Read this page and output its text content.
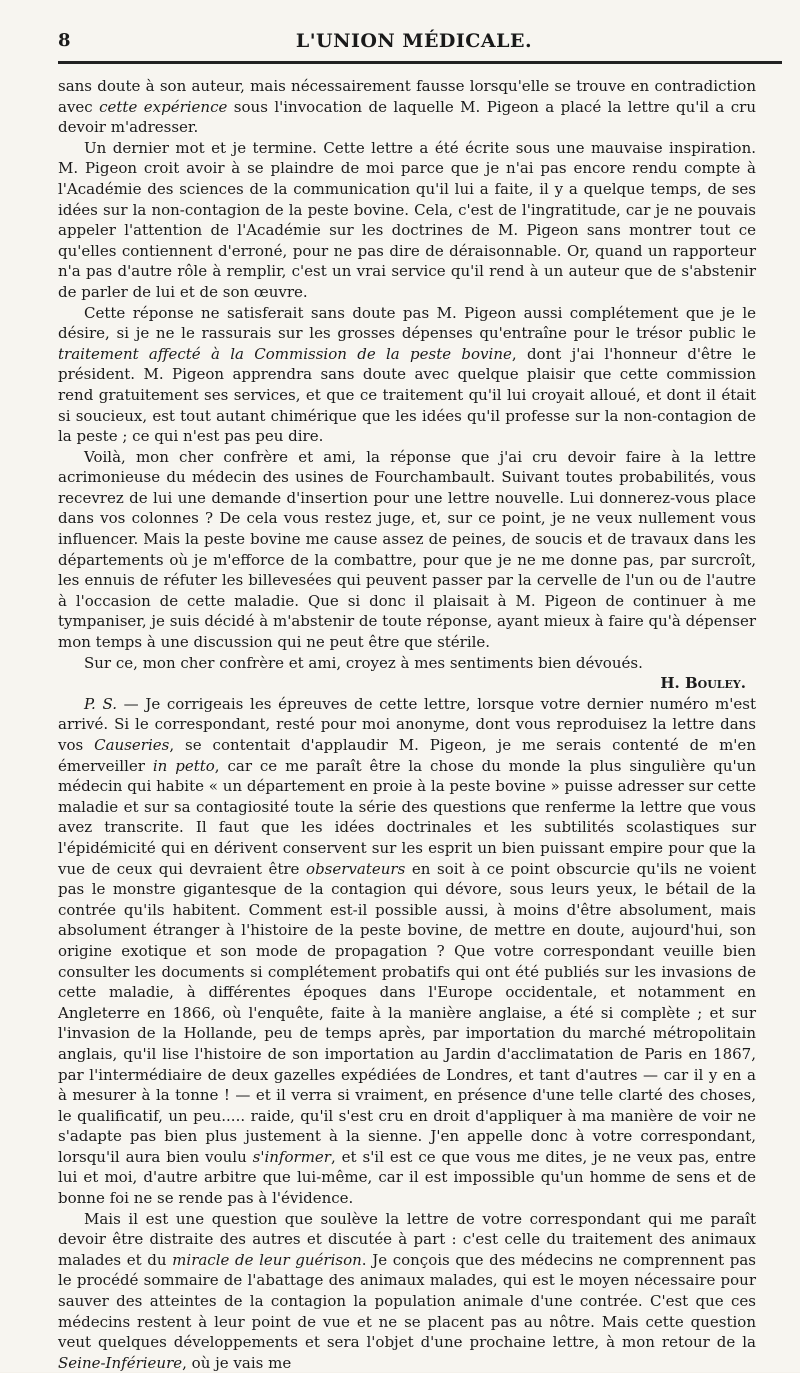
8	L'UNION MÉDICALE.

sans doute à son auteur, mais nécessairement fausse lorsqu'elle se trouve en contradiction avec cette expérience sous l'invocation de laquelle M. Pigeon a placé la lettre qu'il a cru devoir m'adresser.

Un dernier mot et je termine. Cette lettre a été écrite sous une mauvaise inspiration. M. Pigeon croit avoir à se plaindre de moi parce que je n'ai pas encore rendu compte à l'Académie des sciences de la communication qu'il lui a faite, il y a quelque temps, de ses idées sur la non-contagion de la peste bovine. Cela, c'est de l'ingratitude, car je ne pouvais appeler l'attention de l'Académie sur les doctrines de M. Pigeon sans montrer tout ce qu'elles contiennent d'erroné, pour ne pas dire de déraisonnable. Or, quand un rapporteur n'a pas d'autre rôle à remplir, c'est un vrai service qu'il rend à un auteur que de s'abstenir de parler de lui et de son œuvre.

Cette réponse ne satisferait sans doute pas M. Pigeon aussi complétement que je le désire, si je ne le rassurais sur les grosses dépenses qu'entraîne pour le trésor public le traitement affecté à la Commission de la peste bovine, dont j'ai l'honneur d'être le président. M. Pigeon apprendra sans doute avec quelque plaisir que cette commission rend gratuitement ses services, et que ce traitement qu'il lui croyait alloué, et dont il était si soucieux, est tout autant chimérique que les idées qu'il professe sur la non-contagion de la peste ; ce qui n'est pas peu dire.

Voilà, mon cher confrère et ami, la réponse que j'ai cru devoir faire à la lettre acrimonieuse du médecin des usines de Fourchambault. Suivant toutes probabilités, vous recevrez de lui une demande d'insertion pour une lettre nouvelle. Lui donnerez-vous place dans vos colonnes ? De cela vous restez juge, et, sur ce point, je ne veux nullement vous influencer. Mais la peste bovine me cause assez de peines, de soucis et de travaux dans les départements où je m'efforce de la combattre, pour que je ne me donne pas, par surcroît, les ennuis de réfuter les billevesées qui peuvent passer par la cervelle de l'un ou de l'autre à l'occasion de cette maladie. Que si donc il plaisait à M. Pigeon de continuer à me tympaniser, je suis décidé à m'abstenir de toute réponse, ayant mieux à faire qu'à dépenser mon temps à une discussion qui ne peut être que stérile.

Sur ce, mon cher confrère et ami, croyez à mes sentiments bien dévoués.

H. Bouley.

P. S. — Je corrigeais les épreuves de cette lettre, lorsque votre dernier numéro m'est arrivé. Si le correspondant, resté pour moi anonyme, dont vous reproduisez la lettre dans vos Causeries, se contentait d'applaudir M. Pigeon, je me serais contenté de m'en émerveiller in petto, car ce me paraît être la chose du monde la plus singulière qu'un médecin qui habite « un département en proie à la peste bovine » puisse adresser sur cette maladie et sur sa contagiosité toute la série des questions que renferme la lettre que vous avez transcrite. Il faut que les idées doctrinales et les subtilités scolastiques sur l'épidémicité qui en dérivent conservent sur les esprit un bien puissant empire pour que la vue de ceux qui devraient être observateurs en soit à ce point obscurcie qu'ils ne voient pas le monstre gigantesque de la contagion qui dévore, sous leurs yeux, le bétail de la contrée qu'ils habitent. Comment est-il possible aussi, à moins d'être absolument, mais absolument étranger à l'histoire de la peste bovine, de mettre en doute, aujourd'hui, son origine exotique et son mode de propagation ? Que votre correspondant veuille bien consulter les documents si complétement probatifs qui ont été publiés sur les invasions de cette maladie, à différentes époques dans l'Europe occidentale, et notamment en Angleterre en 1866, où l'enquête, faite à la manière anglaise, a été si complète ; et sur l'invasion de la Hollande, peu de temps après, par importation du marché métropolitain anglais, qu'il lise l'histoire de son importation au Jardin d'acclimatation de Paris en 1867, par l'intermédiaire de deux gazelles expédiées de Londres, et tant d'autres — car il y en a à mesurer à la tonne ! — et il verra si vraiment, en présence d'une telle clarté des choses, le qualificatif, un peu..... raide, qu'il s'est cru en droit d'appliquer à ma manière de voir ne s'adapte pas bien plus justement à la sienne. J'en appelle donc à votre correspondant, lorsqu'il aura bien voulu s'informer, et s'il est ce que vous me dites, je ne veux pas, entre lui et moi, d'autre arbitre que lui-même, car il est impossible qu'un homme de sens et de bonne foi ne se rende pas à l'évidence.

Mais il est une question que soulève la lettre de votre correspondant qui me paraît devoir être distraite des autres et discutée à part : c'est celle du traitement des animaux malades et du miracle de leur guérison. Je conçois que des médecins ne comprennent pas le procédé sommaire de l'abattage des animaux malades, qui est le moyen nécessaire pour sauver des atteintes de la contagion la population animale d'une contrée. C'est que ces médecins restent à leur point de vue et ne se placent pas au nôtre. Mais cette question veut quelques développements et sera l'objet d'une prochaine lettre, à mon retour de la Seine-Inférieure, où je vais me
